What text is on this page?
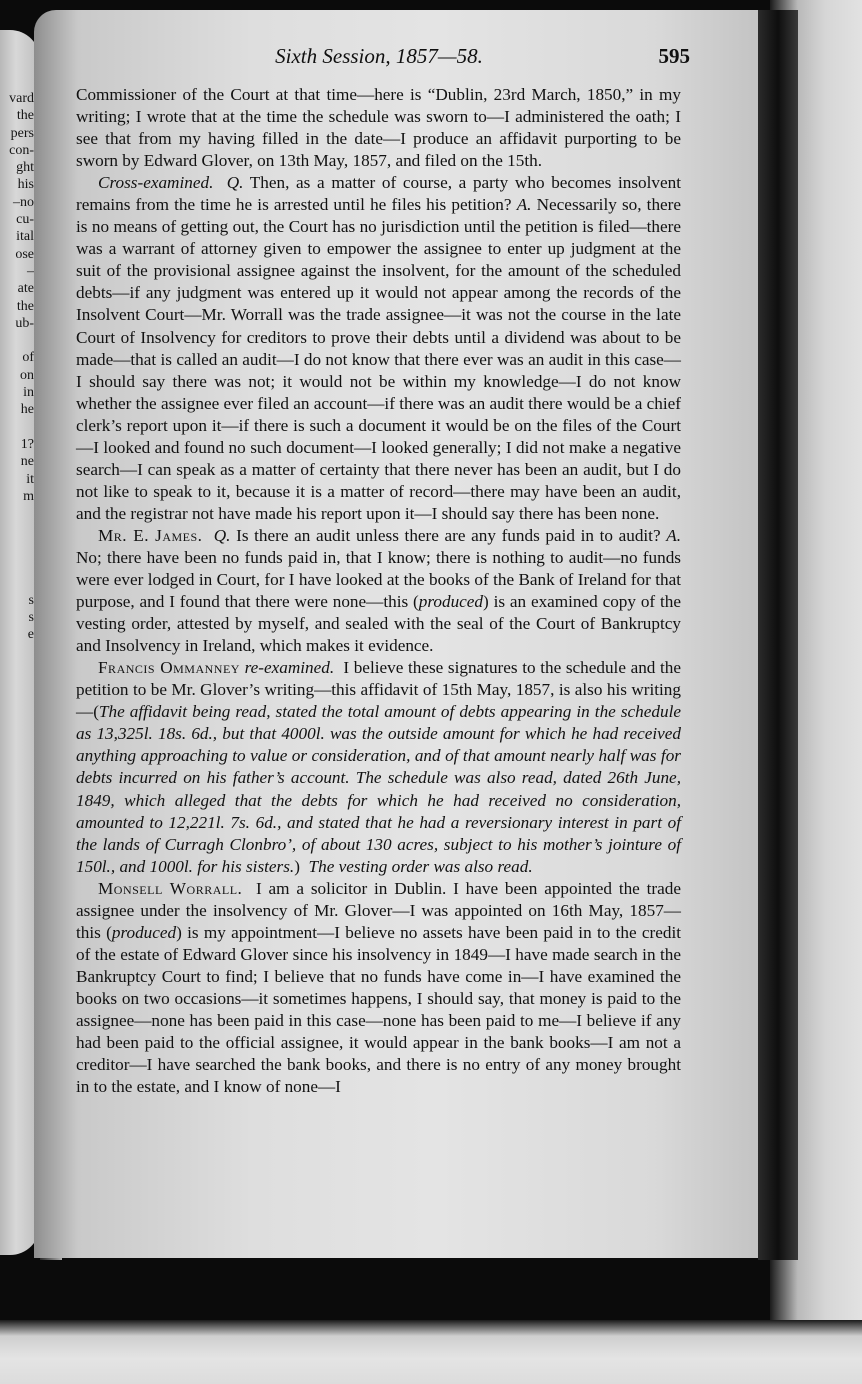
vard
the
pers
con-
ght
his
–no
cu-
ital
ose
–
ate
the
ub-
of
on
in
he
1?
ne
it
m
s
s
e
Sixth Session, 1857—58.	595

Commissioner of the Court at that time—here is “Dublin, 23rd March, 1850,” in my writing; I wrote that at the time the schedule was sworn to—I administered the oath; I see that from my having filled in the date—I produce an affidavit purporting to be sworn by Edward Glover, on 13th May, 1857, and filed on the 15th.

Cross-examined. Q. Then, as a matter of course, a party who becomes insolvent remains from the time he is arrested until he files his petition? A. Necessarily so, there is no means of getting out, the Court has no jurisdiction until the petition is filed—there was a warrant of attorney given to empower the assignee to enter up judgment at the suit of the provisional assignee against the insolvent, for the amount of the scheduled debts—if any judgment was entered up it would not appear among the records of the Insolvent Court—Mr. Worrall was the trade assignee—it was not the course in the late Court of Insolvency for creditors to prove their debts until a dividend was about to be made—that is called an audit—I do not know that there ever was an audit in this case—I should say there was not; it would not be within my knowledge—I do not know whether the assignee ever filed an account—if there was an audit there would be a chief clerk’s report upon it—if there is such a document it would be on the files of the Court—I looked and found no such document—I looked generally; I did not make a negative search—I can speak as a matter of certainty that there never has been an audit, but I do not like to speak to it, because it is a matter of record—there may have been an audit, and the registrar not have made his report upon it—I should say there has been none.

Mr. E. James. Q. Is there an audit unless there are any funds paid in to audit? A. No; there have been no funds paid in, that I know; there is nothing to audit—no funds were ever lodged in Court, for I have looked at the books of the Bank of Ireland for that purpose, and I found that there were none—this (produced) is an examined copy of the vesting order, attested by myself, and sealed with the seal of the Court of Bankruptcy and Insolvency in Ireland, which makes it evidence.

Francis Ommanney re-examined. I believe these signatures to the schedule and the petition to be Mr. Glover’s writing—this affidavit of 15th May, 1857, is also his writing—(The affidavit being read, stated the total amount of debts appearing in the schedule as 13,325l. 18s. 6d., but that 4000l. was the outside amount for which he had received anything approaching to value or consideration, and of that amount nearly half was for debts incurred on his father’s account. The schedule was also read, dated 26th June, 1849, which alleged that the debts for which he had received no consideration, amounted to 12,221l. 7s. 6d., and stated that he had a reversionary interest in part of the lands of Curragh Clonbro’, of about 130 acres, subject to his mother’s jointure of 150l., and 1000l. for his sisters.) The vesting order was also read.

Monsell Worrall. I am a solicitor in Dublin. I have been appointed the trade assignee under the insolvency of Mr. Glover—I was appointed on 16th May, 1857—this (produced) is my appointment—I believe no assets have been paid in to the credit of the estate of Edward Glover since his insolvency in 1849—I have made search in the Bankruptcy Court to find; I believe that no funds have come in—I have examined the books on two occasions—it sometimes happens, I should say, that money is paid to the assignee—none has been paid in this case—none has been paid to me—I believe if any had been paid to the official assignee, it would appear in the bank books—I am not a creditor—I have searched the bank books, and there is no entry of any money brought in to the estate, and I know of none—I
